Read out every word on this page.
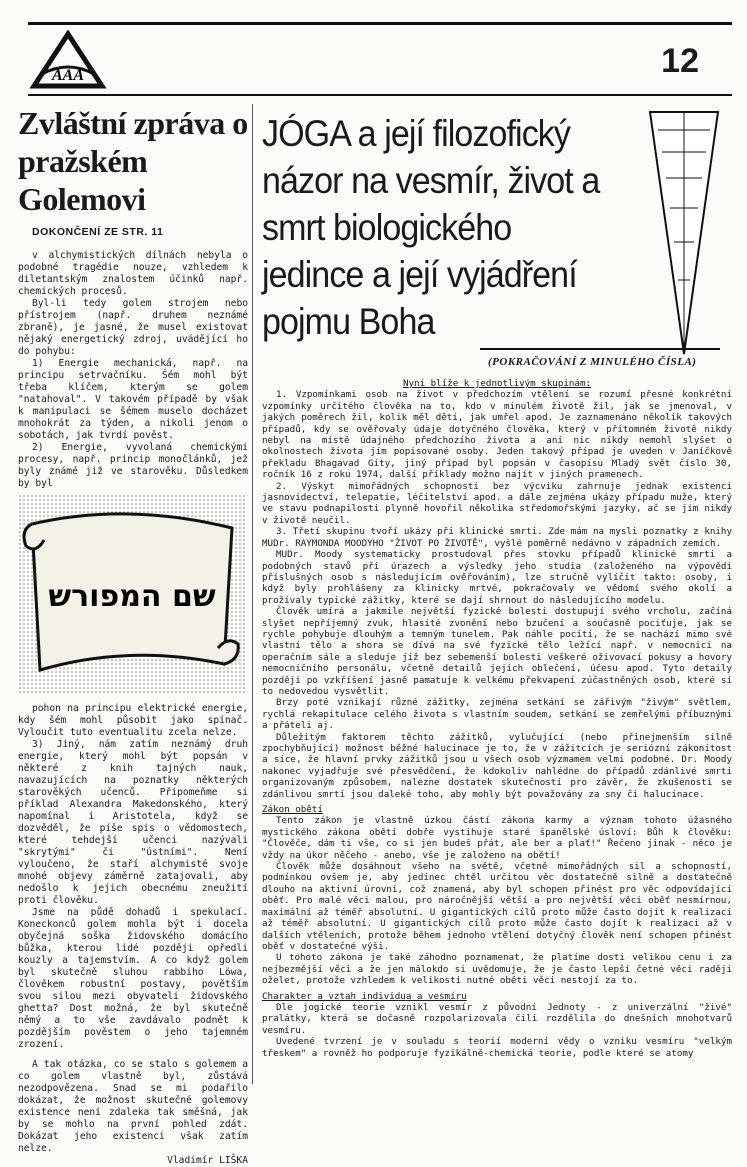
AAA	12
Zvláštní zpráva o pražském Golemovi
DOKONČENÍ ZE STR. 11

v alchymistických dílnách nebyla o podobné tragédie nouze, vzhledem k diletantským znalostem účinků např. chemických procesů.

Byl-li tedy golem strojem nebo přístrojem (např. druhem neznámé zbraně), je jasné, že musel existovat nějaký energetický zdroj, uvádějící ho do pohybu:

1) Energie mechanická, např. na principu setrvačníku. Šém mohl být třeba klíčem, kterým se golem "natahoval". V takovém případě by však k manipulaci se šémem muselo docházet mnohokrát za týden, a nikoli jenom o sobotách, jak tvrdí pověst.

2) Energie, vyvolaná chemickými procesy, např. princip monočlánků, jež byly známé již ve starověku. Důsledkem by byl

שם המפורש

pohon na principu elektrické energie, kdy šém mohl působit jako spínač. Vyloučit tuto eventualitu zcela nelze.

3) Jiný, nám zatím neznámý druh energie, který mohl být popsán v některé z knih tajných nauk, navazujících na poznatky některých starověkých učenců. Připomeňme si příklad Alexandra Makedonského, který napomínal i Aristotela, když se dozvěděl, že píše spis o vědomostech, které tehdejší učenci nazývali "skrytými" či "ústními". Není vyloučeno, že staří alchymisté svoje mnohé objevy záměrně zatajovali, aby nedošlo k jejich obecnému zneužití proti člověku.

Jsme na půdě dohadů i spekulací. Koneckonců golem mohla být i docela obyčejná soška židovského domácího bůžka, kterou lidé později opředli kouzly a tajemstvím. A co když golem byl skutečně sluhou rabbiho Löwa, člověkem robustní postavy, povětším svou silou mezi obyvateli židovského ghetta? Dost možná, že byl skutečně němý a to vše zavdávalo podnět k pozdějším pověstem o jeho tajemném zrození.

A tak otázka, co se stalo s golemem a co golem vlastně byl, zůstává nezodpovězena. Snad se mi podařilo dokázat, že možnost skutečné golemovy existence není zdaleka tak směšná, jak by se mohlo na první pohled zdát. Dokázat jeho existenci však zatím nelze.

Vladimír LIŠKA
JÓGA a její filozofický názor na vesmír, život a smrt biologického jedince a její vyjádření pojmu Boha
(POKRAČOVÁNÍ Z MINULÉHO ČÍSLA)

Nyní blíže k jednotlivým skupinám:

1. Vzpomínkami osob na život v předchozím vtělení se rozumí přesné konkrétní vzpomínky určitého člověka na to, kdo v minulém životě žil, jak se jmenoval, v jakých poměrech žil, kolik měl dětí, jak umřel apod. Je zaznamenáno několik takových případů, kdy se ověřovaly údaje dotyčného člověka, který v přítomném životě nikdy nebyl na místě údajného předchozího života a ani nic nikdy nemohl slyšet o okolnostech života jím popisované osoby. Jeden takový případ je uveden v Janíčkově překladu Bhagavad Gíty, jiný případ byl popsán v časopisu Mladý svět číslo 30, ročník 16 z roku 1974, další příklady možno najít v jiných pramenech.

2. Výskyt mimořádných schopností bez výcviku zahrnuje jednak existenci jasnovidectví, telepatie, léčitelství apod. a dále zejména ukázy případu muže, který ve stavu podnapilosti plynně hovořil několika středomořskými jazyky, ač se jim nikdy v životě neučil.

3. Třetí skupinu tvoří ukázy při klinické smrti. Zde mám na mysli poznatky z knihy MUDr. RAYMONDA MOODYHO "ŽIVOT PO ŽIVOTĚ", vyšlé poměrně nedávno v západních zemích.

MUDr. Moody systematicky prostudoval přes stovku případů klinické smrti a podobných stavů při úrazech a výsledky jeho studia (založeného na výpovědi příslušných osob s následujícím ověřováním), lze stručně vylíčit takto: osoby, i když byly prohlášeny za klinicky mrtvé, pokračovaly ve vědomí svého okolí a prožívaly typické zážitky, které se dají shrnout do následujícího modelu.

Člověk umírá a jakmile největší fyzické bolesti dostupují svého vrcholu, začíná slyšet nepříjemný zvuk, hlasité zvonění nebo bzučení a současně pociťuje, jak se rychle pohybuje dlouhým a temným tunelem. Pak náhle pocítí, že se nachází mimo své vlastní tělo a shora se dívá na své fyzické tělo ležící např. v nemocnici na operačním sále a sleduje již bez sebemenší bolesti veškeré oživovací pokusy a hovory nemocničního personálu, včetně detailů jejich oblečení, účesu apod. Tyto detaily později po vzkříšení jasně pamatuje k velkému překvapení zúčastněných osob, které si to nedovedou vysvětlit.

Brzy poté vznikají různé zážitky, zejména setkání se zářivým "živým" světlem, rychlá rekapitulace celého života s vlastním soudem, setkání se zemřelými příbuznými a přáteli aj.

Důležitým faktorem těchto zážitků, vylučující (nebo přinejmenším silně zpochybňující) možnost běžné halucinace je to, že v zážitcích je seriózní zákonitost a sice, že hlavní prvky zážitků jsou u všech osob výzmamem velmi podobné. Dr. Moody nakonec vyjadřuje své přesvědčení, že kdokoliv nahlédne do případů zdánlivé smrti organizovaným způsobem, nalezne dostatek skutečností pro závěr, že zkušenosti se zdánlivou smrtí jsou daleké toho, aby mohly být považovány za sny či halucinace.

Zákon obětí

Tento zákon je vlastně úzkou částí zákona karmy a význam tohoto úžasného mystického zákona obětí dobře vystihuje staré španělské úsloví: Bůh k člověku: "Člověče, dám ti vše, co si jen budeš přát, ale ber a plať!" Řečeno jinak - něco je vždy na úkor něčeho - anebo, vše je založeno na obětí!

Člověk může dosáhnout všeho na světě, včetně mimořádných sil a schopností, podmínkou ovšem je, aby jedinec chtěl určitou věc dostatečně silně a dostatečně dlouho na aktivní úrovni, což znamená, aby byl schopen přinést pro věc odpovídající oběť. Pro malé věci malou, pro náročnější větší a pro největší věci oběť nesmírnou, maximální až téměř absolutní. U gigantických cílů proto může často dojít k realizaci až téměř absolutní. U gigantických cílů proto může často dojít k realizaci až v dalších vtěleních, protože během jednoho vtělení dotyčný člověk není schopen přinést oběť v dostatečné výši.

U tohoto zákona je také záhodno poznamenat, že platíme dosti velikou cenu i za nejbezmější věci a že jen málokdo si uvědomuje, že je často lepší četné věci raději oželet, protože vzhledem k velikosti nutné oběti věci nestojí za to.

Charakter a vztah individua a vesmíru

Dle jogické teorie vznikl vesmír z původní Jednoty - z univerzální "živé" pralátky, která se dočasně rozpolarizovala čili rozdělila do dnešních mnohotvarů vesmíru.

Uvedené tvrzení je v souladu s teorií moderní vědy o vzniku vesmíru "velkým třeskem" a rovněž ho podporuje fyzikálně-chemická teorie, podle které se atomy
